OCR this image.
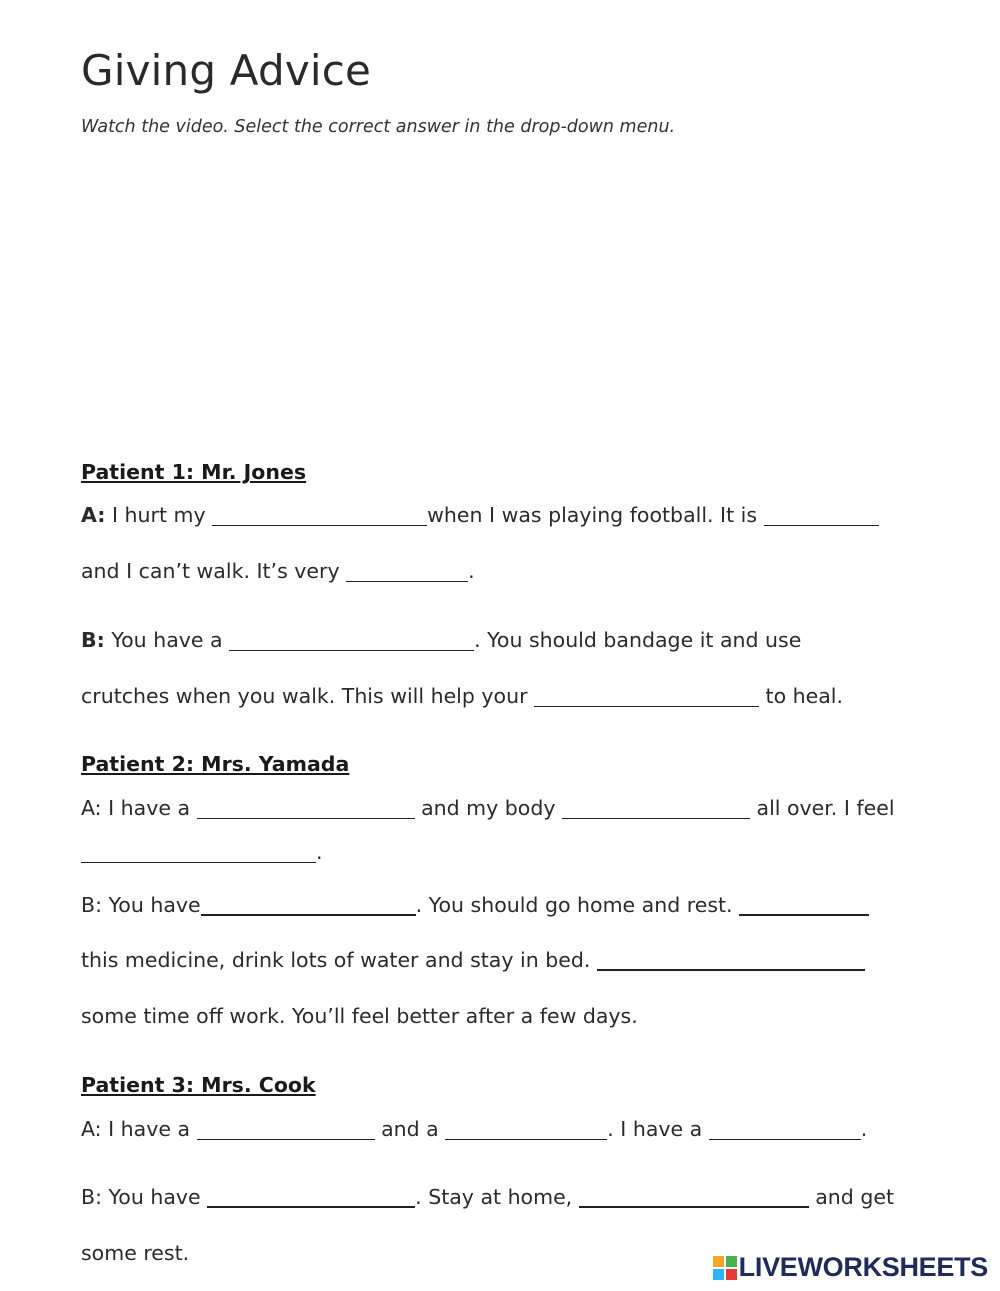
Giving Advice
Watch the video. Select the correct answer in the drop-down menu.
Patient 1: Mr. Jones
A: I hurt my	when I was playing football. It is
and I can’t walk. It’s very	.
B: You have a	. You should bandage it and use
crutches when you walk. This will help your	to heal.
Patient 2: Mrs. Yamada
A: I have a	and my body	all over. I feel
.
B: You have	. You should go home and rest.
this medicine, drink lots of water and stay in bed.
some time off work. You’ll feel better after a few days.
Patient 3: Mrs. Cook
A: I have a	and a	. I have a	.
B: You have	. Stay at home,	and get
some rest.	LIVEWORKSHEETS
